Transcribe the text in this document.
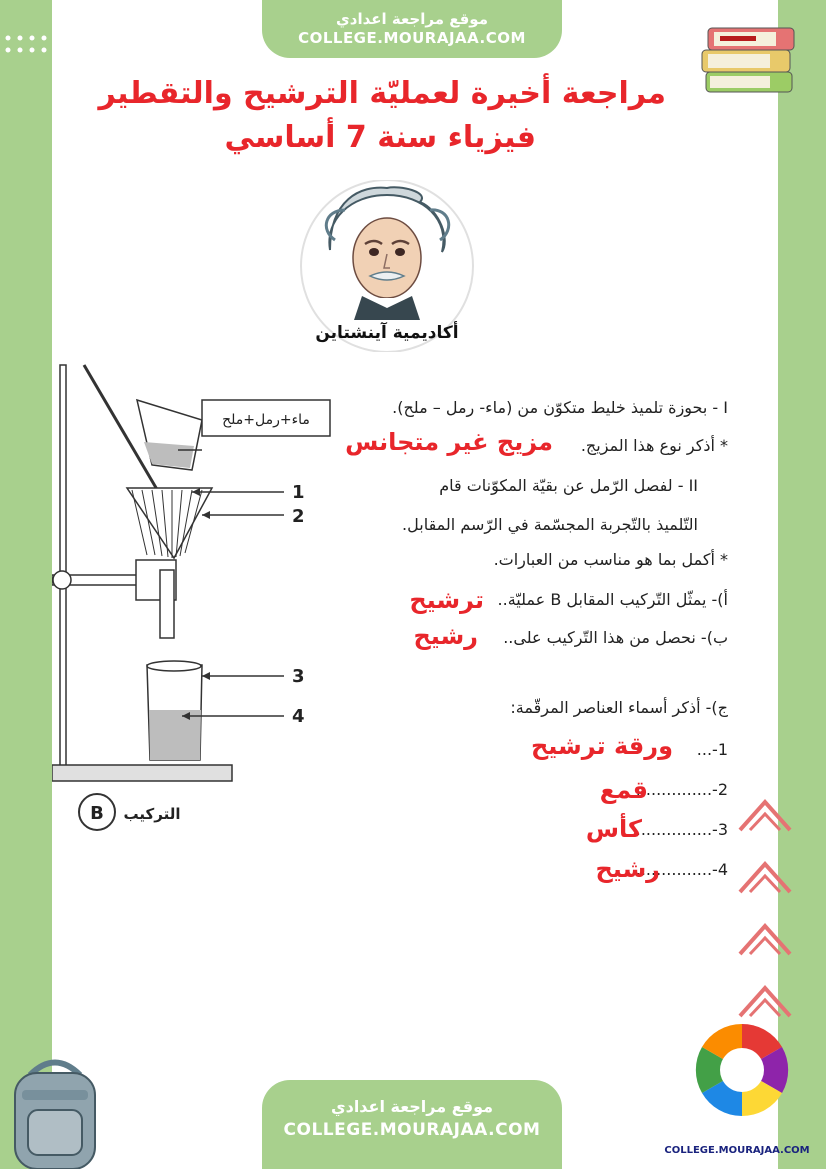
موقع مراجعة اعدادي
COLLEGE.MOURAJAA.COM
مراجعة أخيرة لعمليّة الترشيح والتقطير
فيزياء سنة 7 أساسي
أكاديمية آينشتاين
ماء+رمل+ملح
1
2
3
4
B التركيب
I - بحوزة تلميذ خليط متكوّن من (ماء- رمل – ملح).
* أذكر نوع هذا المزيج.
II - لفصل الرّمل عن بقيّة المكوّنات قام
التّلميذ بالتّجربة المجسّمة في الرّسم المقابل.
* أكمل بما هو مناسب من العبارات.
أ)- يمثّل التّركيب المقابل B عمليّة..
ب)- نحصل من هذا التّركيب على..
ج)- أذكر أسماء العناصر المرقّمة:
1-...
2-...............
3-...............
4-...............
مزيج غير متجانس
ترشيح
رشيح
ورقة ترشيح
قمع
كأس
رشيح
موقع مراجعة اعدادي
COLLEGE.MOURAJAA.COM
COLLEGE.MOURAJAA.COM
